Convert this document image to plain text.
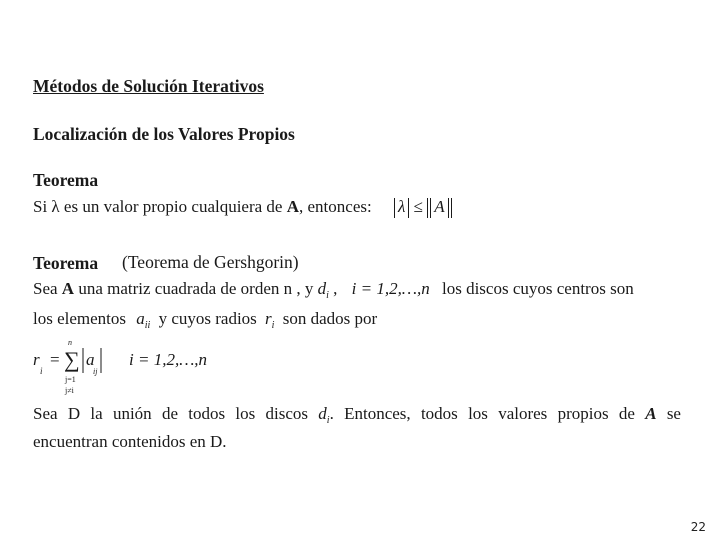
Métodos de Solución Iterativos
Localización de los Valores Propios
Teorema
Si λ es un valor propio cualquiera de A, entonces: λ ≤ ‖ A ‖
Teorema (Teorema de Gershgorin)
Sea A una matriz cuadrada de orden n , y $d_i$ , i = 1,2,…,n los discos cuyos centros son
los elementos $a_{ii}$ y cuyos radios $r_i$ son dados por
r
i
=
n
∑
j=1
j≠i
a
ij
i = 1,2,…,n
Sea D la unión de todos los discos $d_i$. Entonces, todos los valores propios de A se
encuentran contenidos en D.
22
